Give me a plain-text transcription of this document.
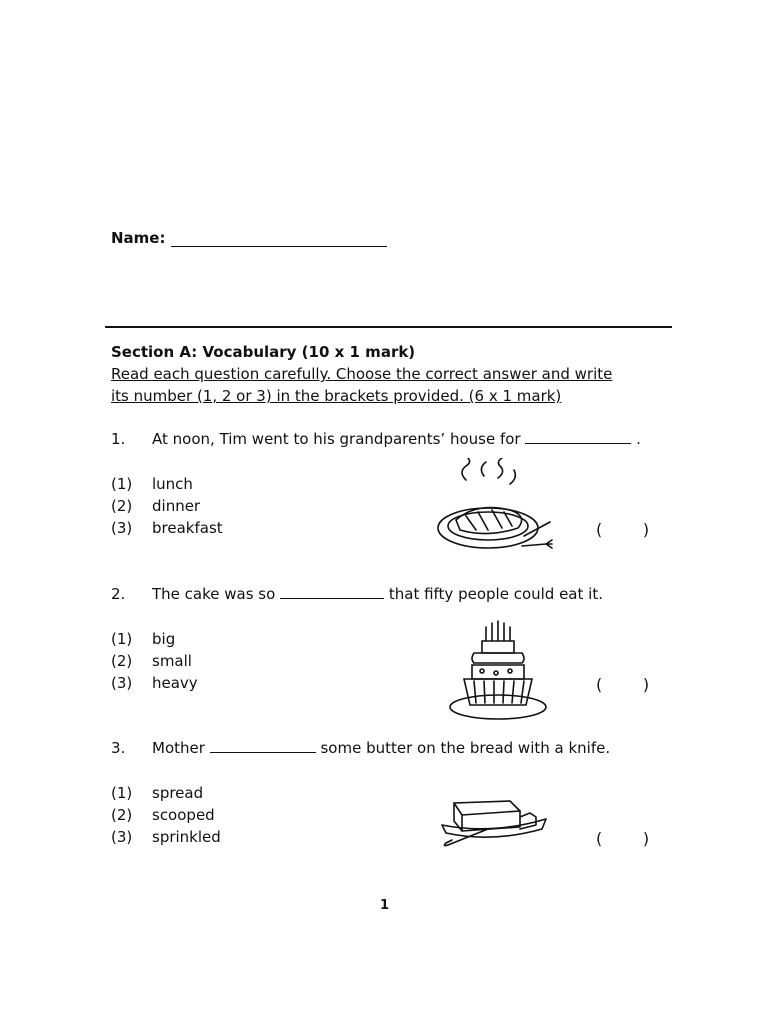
Name:
Section A: Vocabulary (10 x 1 mark)
Read each question carefully. Choose the correct answer and write
its number (1, 2 or 3) in the brackets provided. (6 x 1 mark)
1. At noon, Tim went to his grandparents’ house for	.
(1) lunch
(2) dinner
(3) breakfast	(        )
2. The cake was so	that fifty people could eat it.
(1) big
(2) small
(3) heavy	(        )
3. Mother	some butter on the bread with a knife.
(1) spread
(2) scooped
(3) sprinkled	(        )
1
